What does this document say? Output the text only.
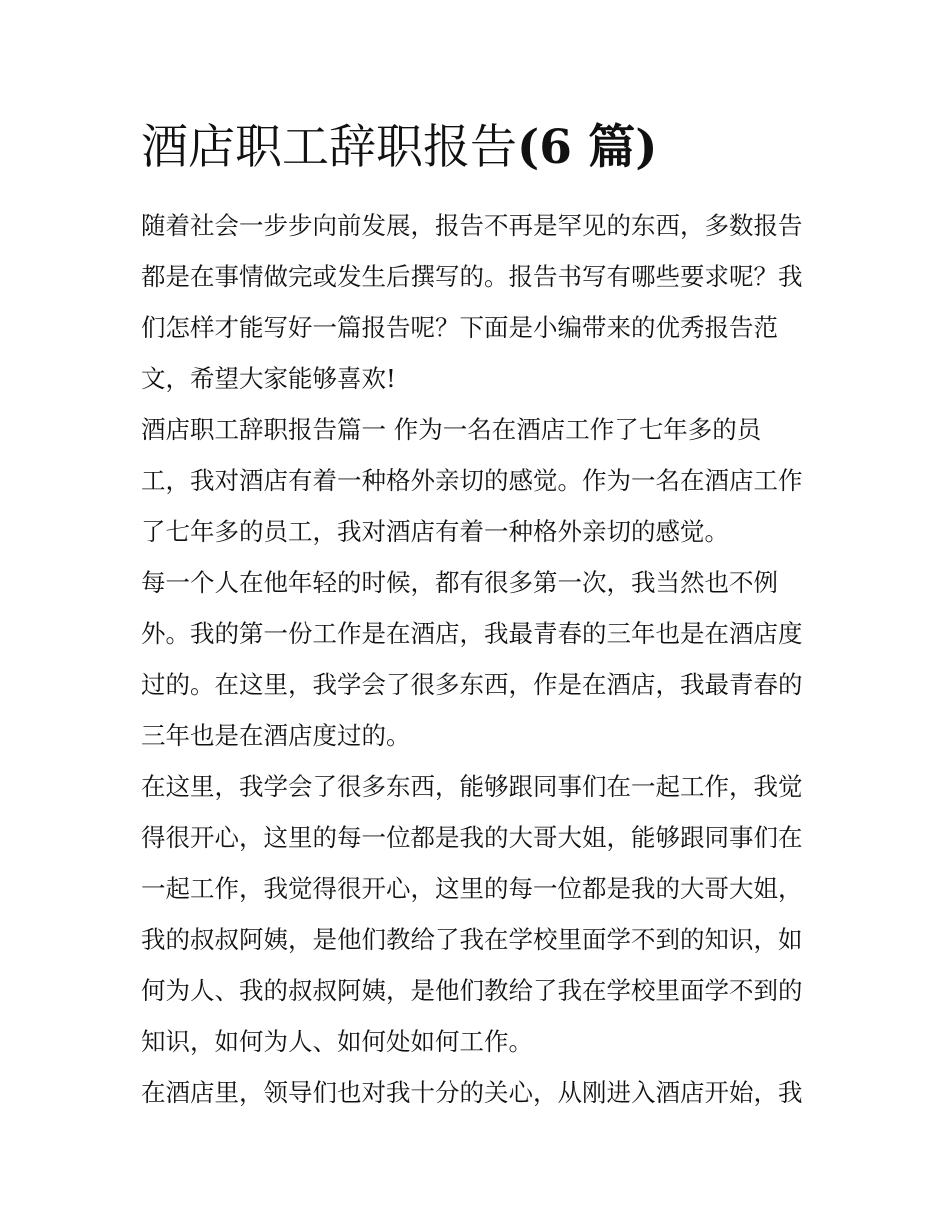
酒店职工辞职报告(6 篇)
随着社会一步步向前发展，报告不再是罕见的东西，多数报告
都是在事情做完或发生后撰写的。报告书写有哪些要求呢？我
们怎样才能写好一篇报告呢？下面是小编带来的优秀报告范
文，希望大家能够喜欢!
酒店职工辞职报告篇一 作为一名在酒店工作了七年多的员
工，我对酒店有着一种格外亲切的感觉。作为一名在酒店工作
了七年多的员工，我对酒店有着一种格外亲切的感觉。
每一个人在他年轻的时候，都有很多第一次，我当然也不例
外。我的第一份工作是在酒店，我最青春的三年也是在酒店度
过的。在这里，我学会了很多东西，作是在酒店，我最青春的
三年也是在酒店度过的。
在这里，我学会了很多东西，能够跟同事们在一起工作，我觉
得很开心，这里的每一位都是我的大哥大姐，能够跟同事们在
一起工作，我觉得很开心，这里的每一位都是我的大哥大姐，
我的叔叔阿姨，是他们教给了我在学校里面学不到的知识，如
何为人、我的叔叔阿姨，是他们教给了我在学校里面学不到的
知识，如何为人、如何处如何工作。
在酒店里，领导们也对我十分的关心，从刚进入酒店开始，我
